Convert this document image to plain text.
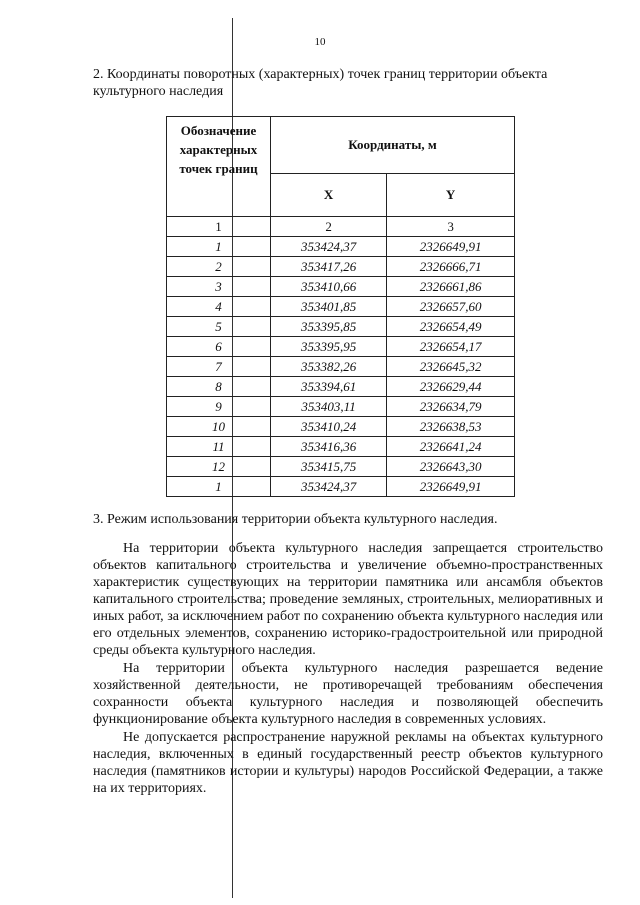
10
2. Координаты поворотных (характерных) точек границ территории объекта культурного наследия
Обозначение характерных точек границ	Координаты, м	
	X	Y
1	2	3
1	353424,37	2326649,91
2	353417,26	2326666,71
3	353410,66	2326661,86
4	353401,85	2326657,60
5	353395,85	2326654,49
6	353395,95	2326654,17
7	353382,26	2326645,32
8	353394,61	2326629,44
9	353403,11	2326634,79
10	353410,24	2326638,53
11	353416,36	2326641,24
12	353415,75	2326643,30
1	353424,37	2326649,91
3. Режим использования территории объекта культурного наследия.

На территории объекта культурного наследия запрещается строительство объектов капитального строительства и увеличение объемно-пространственных характеристик существующих на территории памятника или ансамбля объектов капитального строительства; проведение земляных, строительных, мелиоративных и иных работ, за исключением работ по сохранению объекта культурного наследия или его отдельных элементов, сохранению историко-градостроительной или природной среды объекта культурного наследия.

На территории объекта культурного наследия разрешается ведение хозяйственной деятельности, не противоречащей требованиям обеспечения сохранности объекта культурного наследия и позволяющей обеспечить функционирование объекта культурного наследия в современных условиях.

Не допускается распространение наружной рекламы на объектах культурного наследия, включенных в единый государственный реестр объектов культурного наследия (памятников истории и культуры) народов Российской Федерации, а также на их территориях.
